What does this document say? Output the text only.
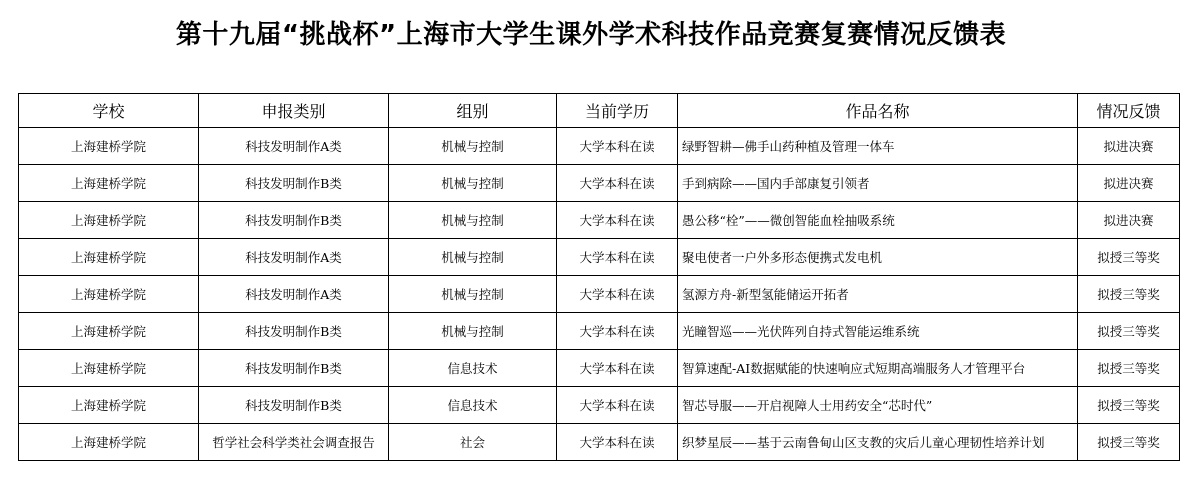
第十九届“挑战杯”上海市大学生课外学术科技作品竞赛复赛情况反馈表
学校	申报类别	组别	当前学历	作品名称	情况反馈
上海建桥学院	科技发明制作A类	机械与控制	大学本科在读	绿野智耕—佛手山药种植及管理一体车	拟进决赛
上海建桥学院	科技发明制作B类	机械与控制	大学本科在读	手到病除——国内手部康复引领者	拟进决赛
上海建桥学院	科技发明制作B类	机械与控制	大学本科在读	愚公移“栓”——微创智能血栓抽吸系统	拟进决赛
上海建桥学院	科技发明制作A类	机械与控制	大学本科在读	聚电使者一户外多形态便携式发电机	拟授三等奖
上海建桥学院	科技发明制作A类	机械与控制	大学本科在读	氢源方舟-新型氢能储运开拓者	拟授三等奖
上海建桥学院	科技发明制作B类	机械与控制	大学本科在读	光瞳智巡——光伏阵列自持式智能运维系统	拟授三等奖
上海建桥学院	科技发明制作B类	信息技术	大学本科在读	智算速配-AI数据赋能的快速响应式短期高端服务人才管理平台	拟授三等奖
上海建桥学院	科技发明制作B类	信息技术	大学本科在读	智芯导服——开启视障人士用药安全“芯时代”	拟授三等奖
上海建桥学院	哲学社会科学类社会调查报告	社会	大学本科在读	织梦星辰——基于云南鲁甸山区支教的灾后儿童心理韧性培养计划	拟授三等奖
